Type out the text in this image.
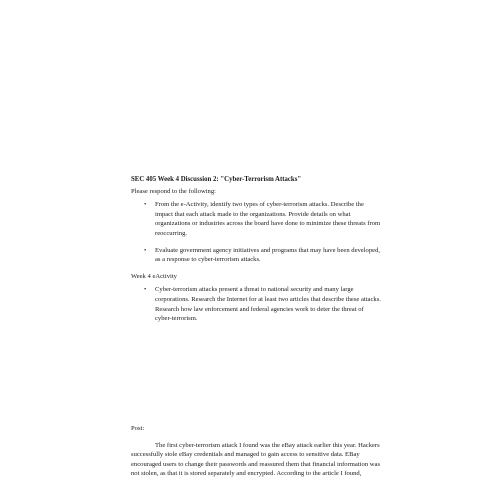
SEC 405 Week 4 Discussion 2: "Cyber-Terrorism Attacks"

Please respond to the following:

• From the e-Activity, identify two types of cyber-terrorism attacks. Describe the impact that each attack made to the organizations. Provide details on what organizations or industries across the board have done to minimize these threats from reoccurring.
• Evaluate government agency initiatives and programs that may have been developed, as a response to cyber-terrorism attacks.

Week 4 eActivity

• Cyber-terrorism attacks present a threat to national security and many large corporations. Research the Internet for at least two articles that describe these attacks. Research how law enforcement and federal agencies work to deter the threat of cyber-terrorism.

Post:

The first cyber-terrorism attack I found was the eBay attack earlier this year. Hackers successfully stole eBay credentials and managed to gain access to sensitive data. EBay encouraged users to change their passwords and reassured them that financial information was not stolen, as that it is stored separately and encrypted. According to the article I found,
